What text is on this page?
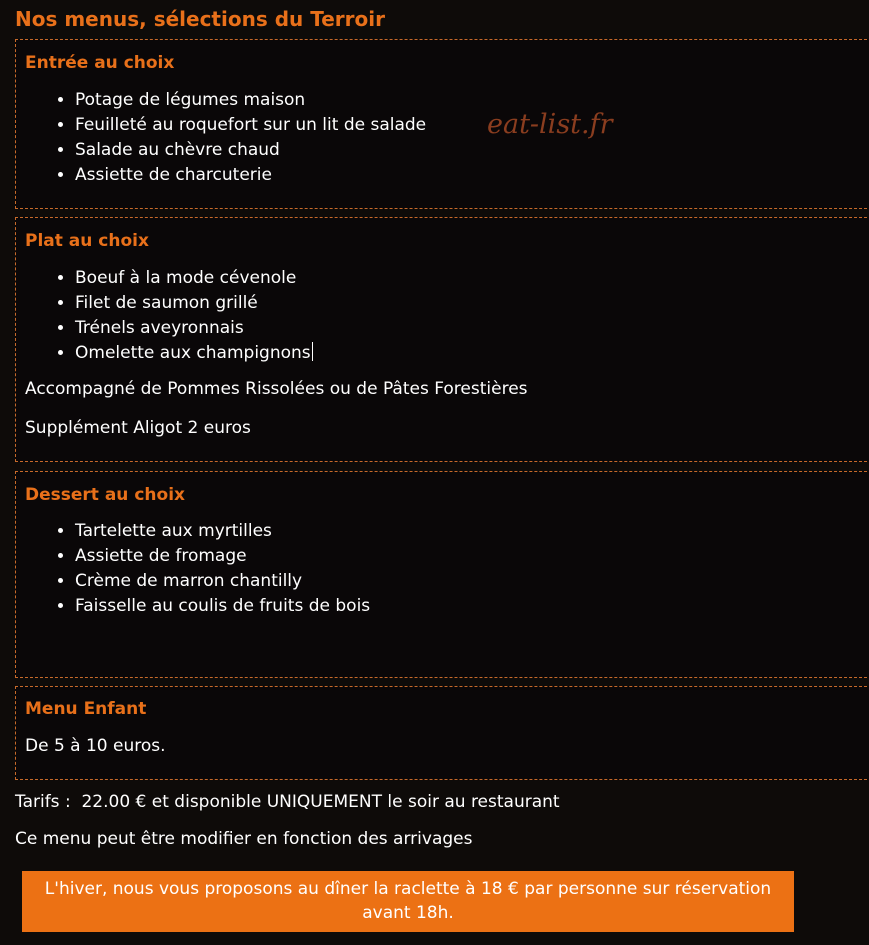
Nos menus, sélections du Terroir
Entrée au choix
• Potage de légumes maison
• Feuilleté au roquefort sur un lit de salade
• Salade au chèvre chaud
• Assiette de charcuterie
eat-list.fr
Plat au choix
• Boeuf à la mode cévenole
• Filet de saumon grillé
• Trénels aveyronnais
• Omelette aux champignons

Accompagné de Pommes Rissolées ou de Pâtes Forestières

Supplément Aligot 2 euros

Dessert au choix
• Tartelette aux myrtilles
• Assiette de fromage
• Crème de marron chantilly
• Faisselle au coulis de fruits de bois
Menu Enfant

De 5 à 10 euros.

Tarifs :  22.00 € et disponible UNIQUEMENT le soir au restaurant

Ce menu peut être modifier en fonction des arrivages

L'hiver, nous vous proposons au dîner la raclette à 18 € par personne sur réservation avant 18h.
